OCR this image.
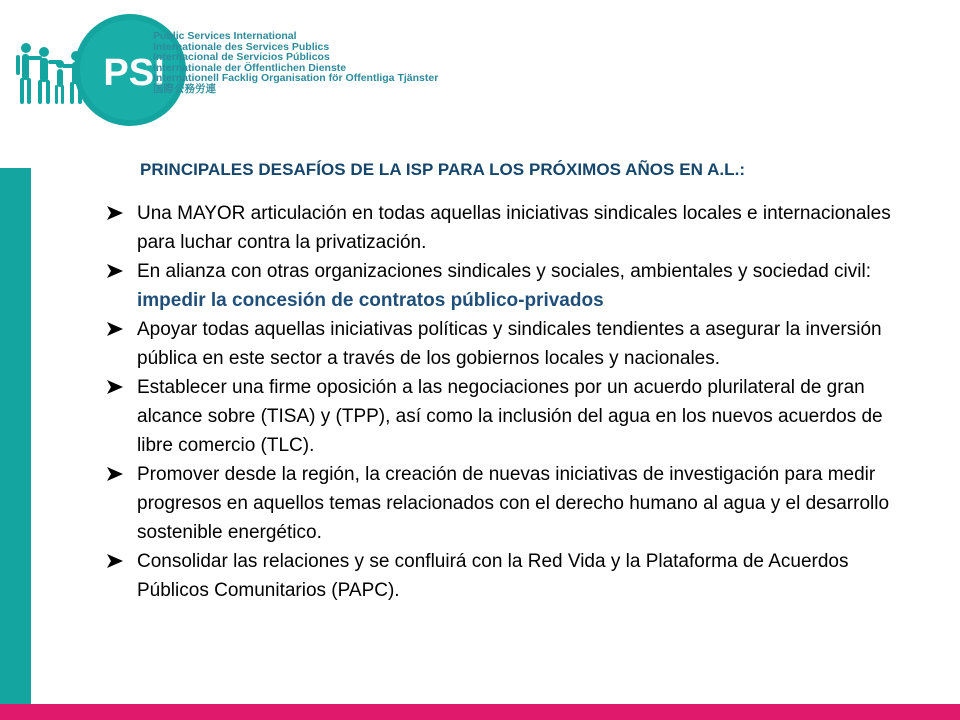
PSI
Public Services International
Internationale des Services Publics
Internacional de Servicios Públicos
Internationale der Öffentlichen Dienste
Internationell Facklig Organisation för Offentliga Tjänster
国際公務労連
PRINCIPALES DESAFÍOS DE LA ISP PARA LOS PRÓXIMOS AÑOS EN A.L.:
Una MAYOR articulación en todas aquellas iniciativas sindicales locales e internacionales para luchar contra la privatización.
En alianza con otras organizaciones sindicales y sociales, ambientales y sociedad civil: impedir la concesión de contratos público-privados
Apoyar todas aquellas iniciativas políticas y sindicales tendientes a asegurar la inversión pública en este sector a través de los gobiernos locales y nacionales.
Establecer una firme oposición a las negociaciones por un acuerdo plurilateral de gran alcance sobre (TISA) y (TPP), así como la inclusión del agua en los nuevos acuerdos de libre comercio (TLC).
Promover desde la región, la creación de nuevas iniciativas de investigación para medir progresos en aquellos temas relacionados con el derecho humano al agua y el desarrollo sostenible energético.
Consolidar las relaciones y se confluirá con la Red Vida y la Plataforma de Acuerdos Públicos Comunitarios (PAPC).
